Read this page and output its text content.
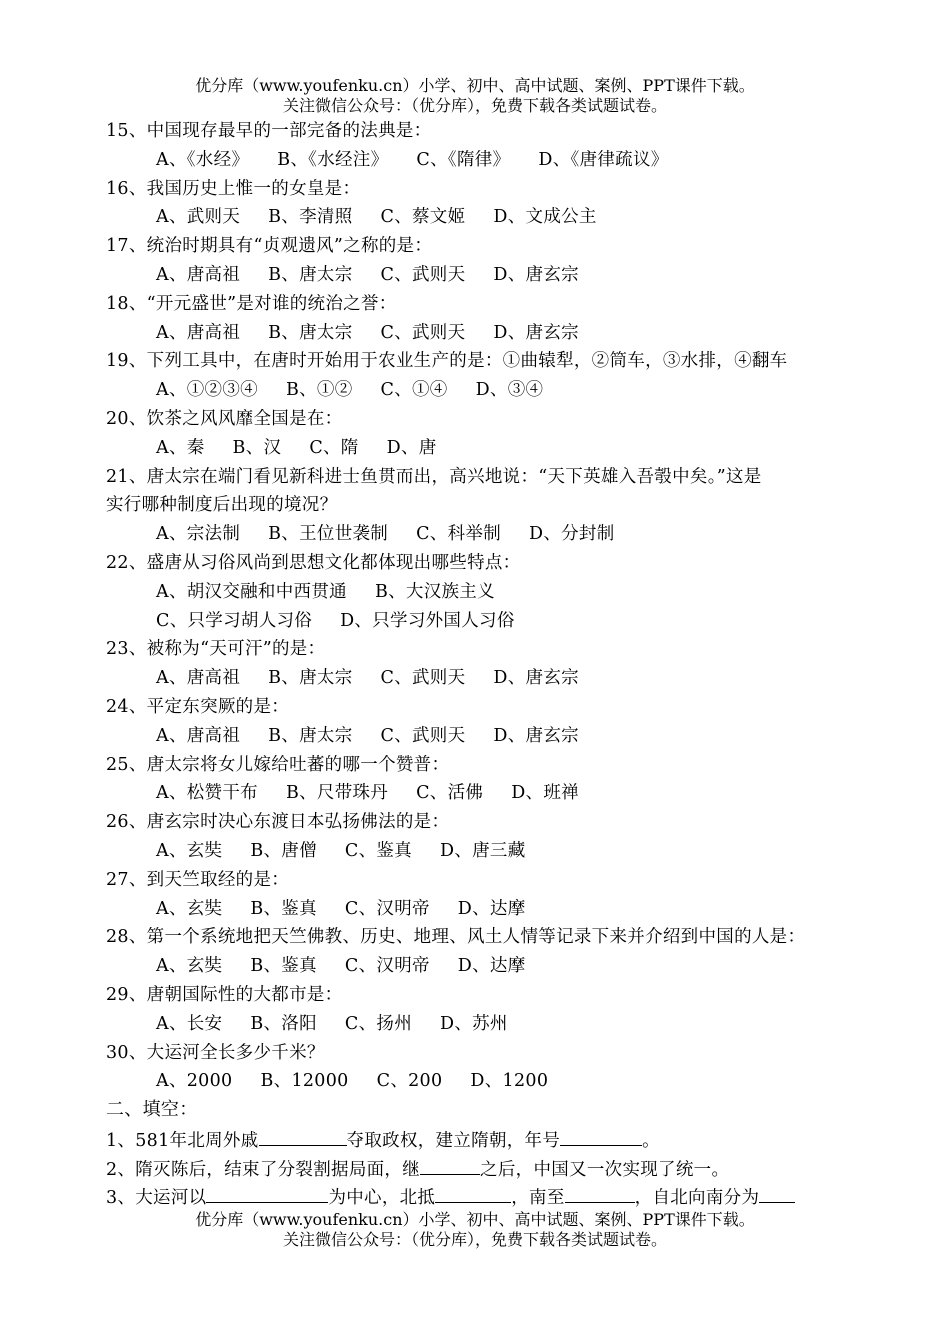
优分库（www.youfenku.cn）小学、初中、高中试题、案例、PPT课件下载。
关注微信公众号：（优分库），免费下载各类试题试卷。
15、中国现存最早的一部完备的法典是：
A、《水经》 B、《水经注》 C、《隋律》 D、《唐律疏议》
16、我国历史上惟一的女皇是：
A、武则天 B、李清照 C、蔡文姬 D、文成公主
17、统治时期具有“贞观遗风”之称的是：
A、唐高祖 B、唐太宗 C、武则天 D、唐玄宗
18、“开元盛世”是对谁的统治之誉：
A、唐高祖 B、唐太宗 C、武则天 D、唐玄宗
19、下列工具中，在唐时开始用于农业生产的是：①曲辕犁，②筒车，③水排，④翻车
A、①②③④ B、①② C、①④ D、③④
20、饮茶之风风靡全国是在：
A、秦 B、汉 C、隋 D、唐
21、唐太宗在端门看见新科进士鱼贯而出，高兴地说：“天下英雄入吾彀中矣。”这是
实行哪种制度后出现的境况？
A、宗法制 B、王位世袭制 C、科举制 D、分封制
22、盛唐从习俗风尚到思想文化都体现出哪些特点：
A、胡汉交融和中西贯通 B、大汉族主义
C、只学习胡人习俗 D、只学习外国人习俗
23、被称为“天可汗”的是：
A、唐高祖 B、唐太宗 C、武则天 D、唐玄宗
24、平定东突厥的是：
A、唐高祖 B、唐太宗 C、武则天 D、唐玄宗
25、唐太宗将女儿嫁给吐蕃的哪一个赞普：
A、松赞干布 B、尺带珠丹 C、活佛 D、班禅
26、唐玄宗时决心东渡日本弘扬佛法的是：
A、玄奘 B、唐僧 C、鉴真 D、唐三藏
27、到天竺取经的是：
A、玄奘 B、鉴真 C、汉明帝 D、达摩
28、第一个系统地把天竺佛教、历史、地理、风土人情等记录下来并介绍到中国的人是：
A、玄奘 B、鉴真 C、汉明帝 D、达摩
29、唐朝国际性的大都市是：
A、长安 B、洛阳 C、扬州 D、苏州
30、大运河全长多少千米？
A、2000 B、12000 C、200 D、1200
二、填空：
1、581年北周外戚	夺取政权，建立隋朝，年号	。
2、隋灭陈后，结束了分裂割据局面，继	之后，中国又一次实现了统一。
3、大运河以	为中心，北抵	，南至	，自北向南分为
优分库（www.youfenku.cn）小学、初中、高中试题、案例、PPT课件下载。
关注微信公众号：（优分库），免费下载各类试题试卷。
